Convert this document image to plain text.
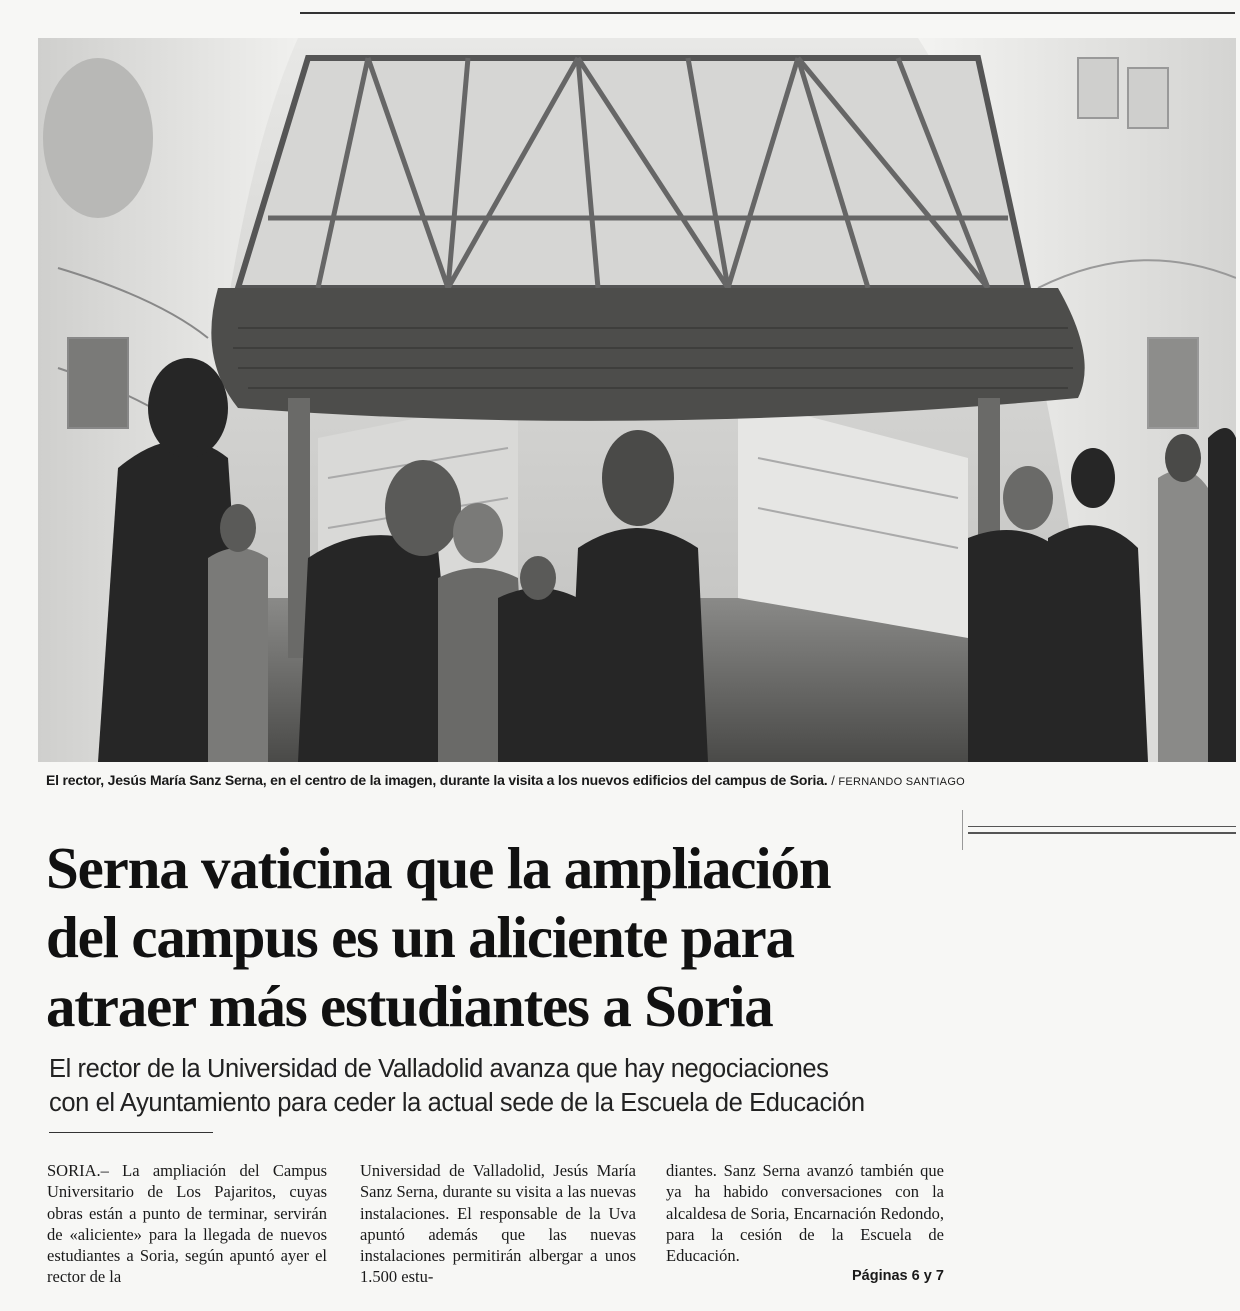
El rector, Jesús María Sanz Serna, en el centro de la imagen, durante la visita a los nuevos edificios del campus de Soria. / FERNANDO SANTIAGO
Serna vaticina que la ampliación
del campus es un aliciente para
atraer más estudiantes a Soria
El rector de la Universidad de Valladolid avanza que hay negociaciones
con el Ayuntamiento para ceder la actual sede de la Escuela de Educación
SORIA.– La ampliación del Campus Universitario de Los Pajaritos, cuyas obras están a punto de terminar, servirán de «aliciente» para la llegada de nuevos estudiantes a Soria, según apuntó ayer el rector de la
Universidad de Valladolid, Jesús María Sanz Serna, durante su visita a las nuevas instalaciones. El responsable de la Uva apuntó además que las nuevas instalaciones permitirán albergar a unos 1.500 estu-
diantes. Sanz Serna avanzó también que ya ha habido conversaciones con la alcaldesa de Soria, Encarnación Redondo, para la cesión de la Escuela de Educación.
Páginas 6 y 7
